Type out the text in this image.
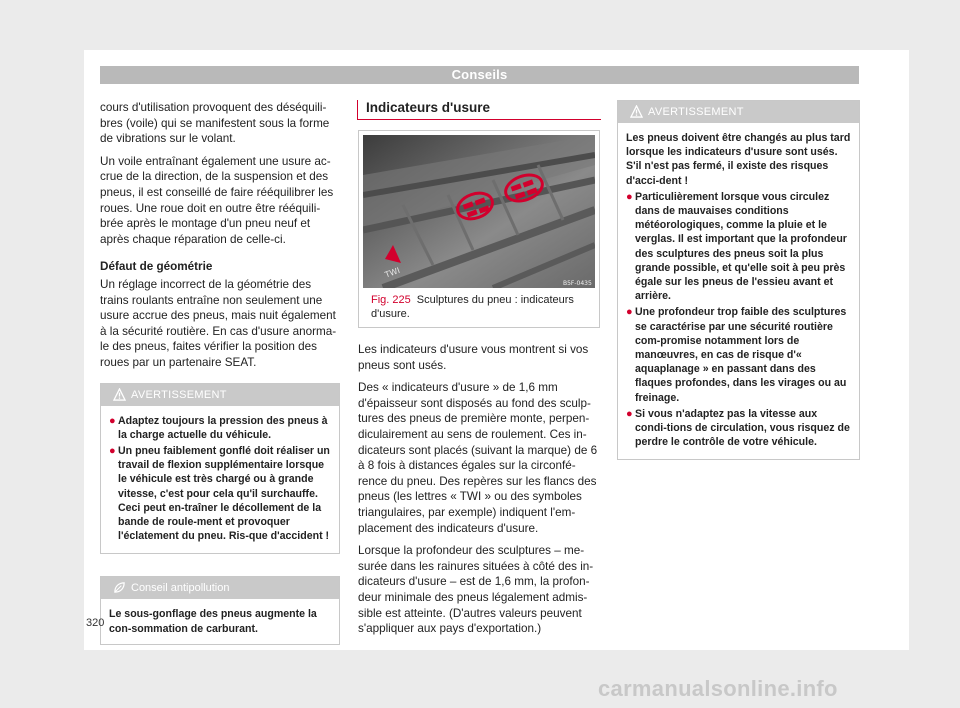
Conseils

cours d'utilisation provoquent des déséquili-bres (voile) qui se manifestent sous la forme de vibrations sur le volant.

Un voile entraînant également une usure ac-crue de la direction, de la suspension et des pneus, il est conseillé de faire rééquilibrer les roues. Une roue doit en outre être rééquili-brée après le montage d'un pneu neuf et après chaque réparation de celle-ci.

Défaut de géométrie

Un réglage incorrect de la géométrie des trains roulants entraîne non seulement une usure accrue des pneus, mais nuit également à la sécurité routière. En cas d'usure anorma-le des pneus, faites vérifier la position des roues par un partenaire SEAT.

AVERTISSEMENT
● Adaptez toujours la pression des pneus à la charge actuelle du véhicule.
● Un pneu faiblement gonflé doit réaliser un travail de flexion supplémentaire lorsque le véhicule est très chargé ou à grande vitesse, c'est pour cela qu'il surchauffe. Ceci peut en-traîner le décollement de la bande de roule-ment et provoquer l'éclatement du pneu. Ris-que d'accident !
Conseil antipollution
Le sous-gonflage des pneus augmente la con-sommation de carburant.
Indicateurs d'usure
TWI
B5F-0435
Fig. 225 Sculptures du pneu : indicateurs d'usure.

Les indicateurs d'usure vous montrent si vos pneus sont usés.

Des « indicateurs d'usure » de 1,6 mm d'épaisseur sont disposés au fond des sculp-tures des pneus de première monte, perpen-diculairement au sens de roulement. Ces in-dicateurs sont placés (suivant la marque) de 6 à 8 fois à distances égales sur la circonfé-rence du pneu. Des repères sur les flancs des pneus (les lettres « TWI » ou des symboles triangulaires, par exemple) indiquent l'em-placement des indicateurs d'usure.

Lorsque la profondeur des sculptures – me-surée dans les rainures situées à côté des in-dicateurs d'usure – est de 1,6 mm, la profon-deur minimale des pneus légalement admis-sible est atteinte. (D'autres valeurs peuvent s'appliquer aux pays d'exportation.)

AVERTISSEMENT
Les pneus doivent être changés au plus tard lorsque les indicateurs d'usure sont usés. S'il n'est pas fermé, il existe des risques d'acci-dent !
● Particulièrement lorsque vous circulez dans de mauvaises conditions météorologiques, comme la pluie et le verglas. Il est important que la profondeur des sculptures des pneus soit la plus grande possible, et qu'elle soit à peu près égale sur les pneus de l'essieu avant et arrière.
● Une profondeur trop faible des sculptures se caractérise par une sécurité routière com-promise notamment lors de manœuvres, en cas de risque d'« aquaplanage » en passant dans des flaques profondes, dans les virages ou au freinage.
● Si vous n'adaptez pas la vitesse aux condi-tions de circulation, vous risquez de perdre le contrôle de votre véhicule.
320
carmanualsonline.info
